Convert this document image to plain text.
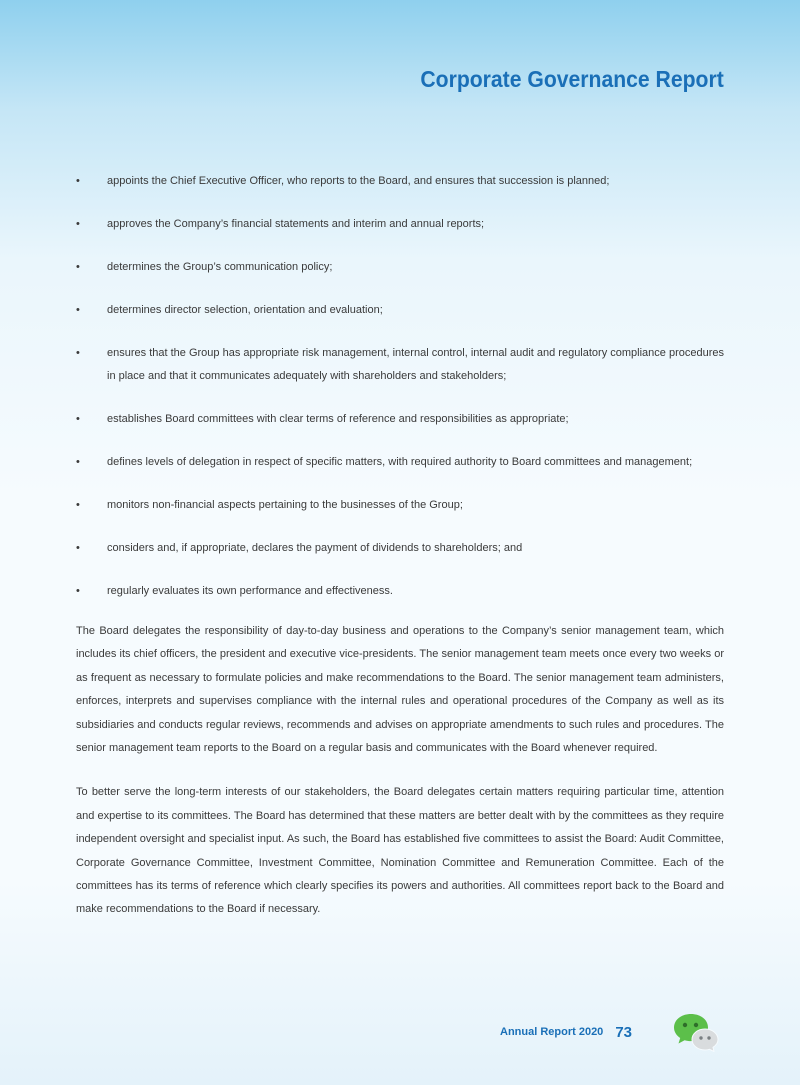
Corporate Governance Report
• appoints the Chief Executive Officer, who reports to the Board, and ensures that succession is planned;
• approves the Company’s financial statements and interim and annual reports;
• determines the Group’s communication policy;
• determines director selection, orientation and evaluation;
• ensures that the Group has appropriate risk management, internal control, internal audit and regulatory compliance procedures in place and that it communicates adequately with shareholders and stakeholders;
• establishes Board committees with clear terms of reference and responsibilities as appropriate;
• defines levels of delegation in respect of specific matters, with required authority to Board committees and management;
• monitors non-financial aspects pertaining to the businesses of the Group;
• considers and, if appropriate, declares the payment of dividends to shareholders; and
• regularly evaluates its own performance and effectiveness.

The Board delegates the responsibility of day-to-day business and operations to the Company’s senior management team, which includes its chief officers, the president and executive vice-presidents. The senior management team meets once every two weeks or as frequent as necessary to formulate policies and make recommendations to the Board. The senior management team administers, enforces, interprets and supervises compliance with the internal rules and operational procedures of the Company as well as its subsidiaries and conducts regular reviews, recommends and advises on appropriate amendments to such rules and procedures. The senior management team reports to the Board on a regular basis and communicates with the Board whenever required.

To better serve the long-term interests of our stakeholders, the Board delegates certain matters requiring particular time, attention and expertise to its committees. The Board has determined that these matters are better dealt with by the committees as they require independent oversight and specialist input. As such, the Board has established five committees to assist the Board: Audit Committee, Corporate Governance Committee, Investment Committee, Nomination Committee and Remuneration Committee. Each of the committees has its terms of reference which clearly specifies its powers and authorities. All committees report back to the Board and make recommendations to the Board if necessary.

Annual Report 2020 73
